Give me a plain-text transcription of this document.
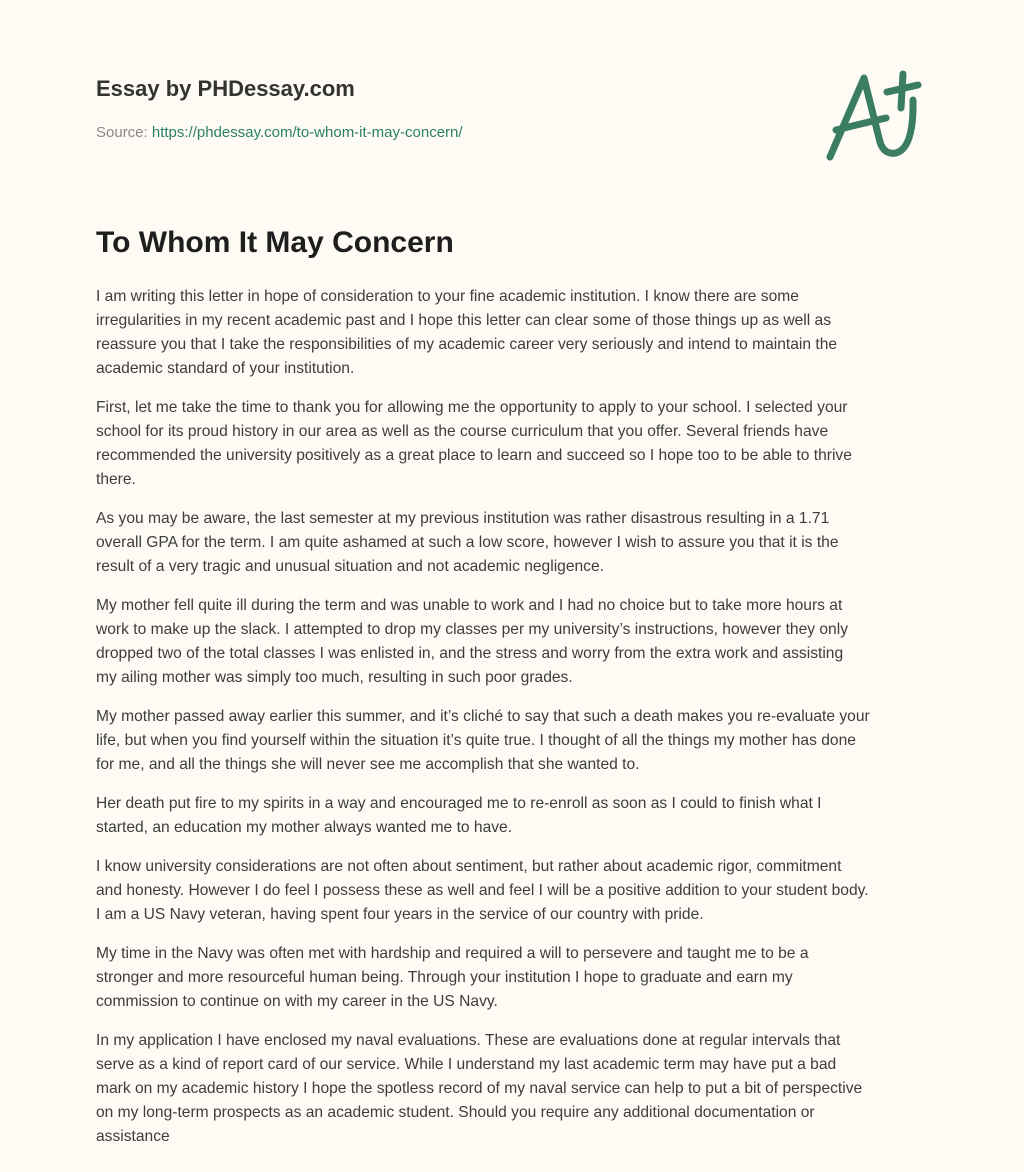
Essay by PHDessay.com
Source: https://phdessay.com/to-whom-it-may-concern/
To Whom It May Concern

I am writing this letter in hope of consideration to your fine academic institution. I know there are some
irregularities in my recent academic past and I hope this letter can clear some of those things up as well as
reassure you that I take the responsibilities of my academic career very seriously and intend to maintain the
academic standard of your institution.

First, let me take the time to thank you for allowing me the opportunity to apply to your school. I selected your
school for its proud history in our area as well as the course curriculum that you offer. Several friends have
recommended the university positively as a great place to learn and succeed so I hope too to be able to thrive
there.

As you may be aware, the last semester at my previous institution was rather disastrous resulting in a 1.71
overall GPA for the term. I am quite ashamed at such a low score, however I wish to assure you that it is the
result of a very tragic and unusual situation and not academic negligence.

My mother fell quite ill during the term and was unable to work and I had no choice but to take more hours at
work to make up the slack. I attempted to drop my classes per my university’s instructions, however they only
dropped two of the total classes I was enlisted in, and the stress and worry from the extra work and assisting
my ailing mother was simply too much, resulting in such poor grades.

My mother passed away earlier this summer, and it’s cliché to say that such a death makes you re-evaluate your
life, but when you find yourself within the situation it’s quite true. I thought of all the things my mother has done
for me, and all the things she will never see me accomplish that she wanted to.

Her death put fire to my spirits in a way and encouraged me to re-enroll as soon as I could to finish what I
started, an education my mother always wanted me to have.

I know university considerations are not often about sentiment, but rather about academic rigor, commitment
and honesty. However I do feel I possess these as well and feel I will be a positive addition to your student body.
I am a US Navy veteran, having spent four years in the service of our country with pride.

My time in the Navy was often met with hardship and required a will to persevere and taught me to be a
stronger and more resourceful human being. Through your institution I hope to graduate and earn my
commission to continue on with my career in the US Navy.

In my application I have enclosed my naval evaluations. These are evaluations done at regular intervals that
serve as a kind of report card of our service. While I understand my last academic term may have put a bad
mark on my academic history I hope the spotless record of my naval service can help to put a bit of perspective
on my long-term prospects as an academic student. Should you require any additional documentation or
assistance
